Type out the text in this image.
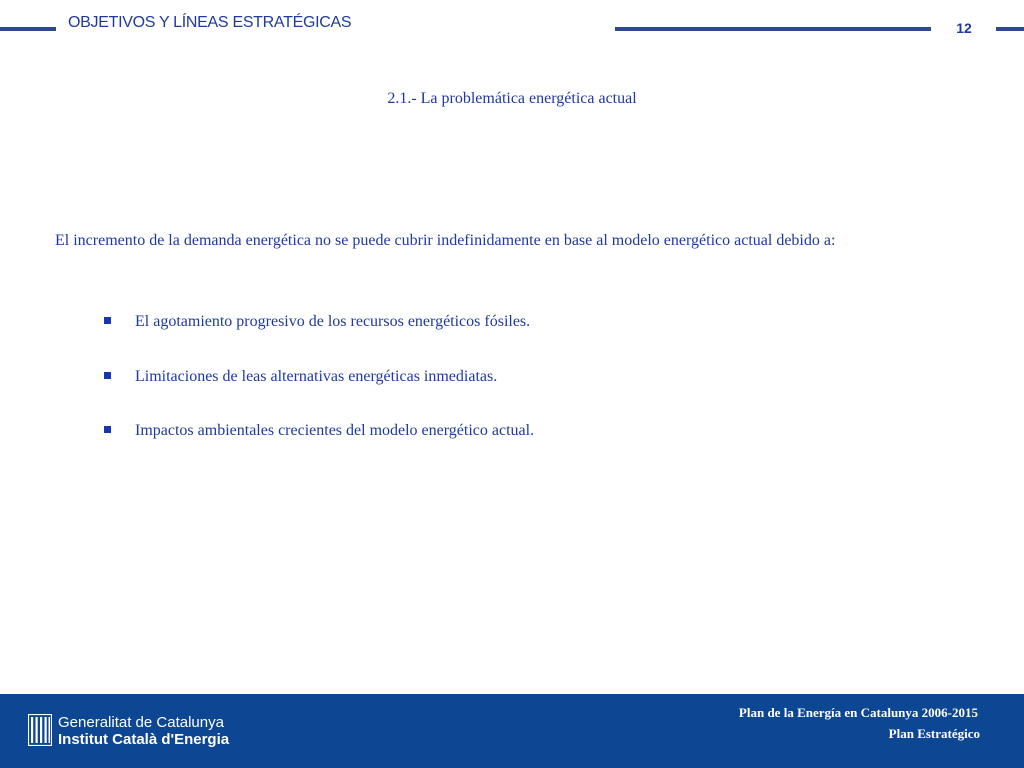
OBJETIVOS Y LÍNEAS ESTRATÉGICAS	12
2.1.- La problemática energética actual
El incremento de la demanda energética no se puede cubrir indefinidamente en base al modelo energético actual debido a:
El agotamiento progresivo de los recursos energéticos fósiles.
Limitaciones de leas alternativas energéticas inmediatas.
Impactos ambientales crecientes del modelo energético actual.
Generalitat de Catalunya
Institut Català d'Energia
Plan de la Energía en Catalunya 2006-2015
Plan Estratégico
